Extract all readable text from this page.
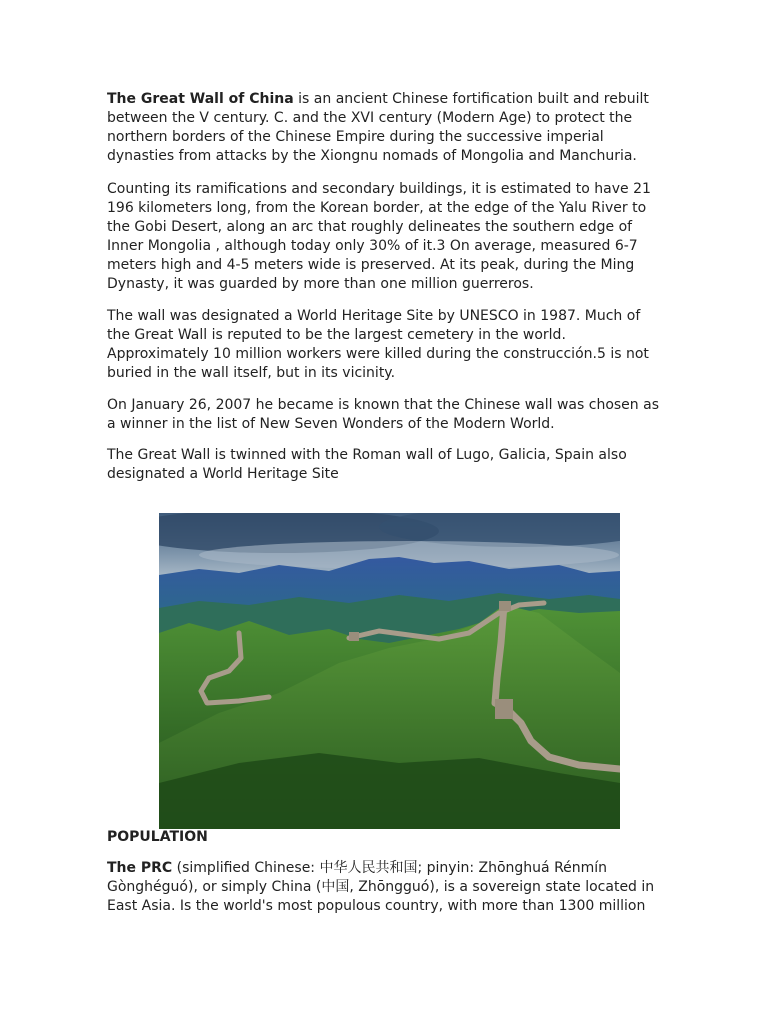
The Great Wall of China is an ancient Chinese fortification built and rebuilt between the V century. C. and the XVI century (Modern Age) to protect the northern borders of the Chinese Empire during the successive imperial dynasties from attacks by the Xiongnu nomads of Mongolia and Manchuria.

Counting its ramifications and secondary buildings, it is estimated to have 21 196 kilometers long, from the Korean border, at the edge of the Yalu River to the Gobi Desert, along an arc that roughly delineates the southern edge of Inner Mongolia , although today only 30% of it.3 On average, measured 6-7 meters high and 4-5 meters wide is preserved. At its peak, during the Ming Dynasty, it was guarded by more than one million guerreros.

The wall was designated a World Heritage Site by UNESCO in 1987. Much of the Great Wall is reputed to be the largest cemetery in the world. Approximately 10 million workers were killed during the construcción.5 is not buried in the wall itself, but in its vicinity.

On January 26, 2007 he became is known that the Chinese wall was chosen as a winner in the list of New Seven Wonders of the Modern World.

The Great Wall is twinned with the Roman wall of Lugo, Galicia, Spain also designated a World Heritage Site

POPULATION

The PRC (simplified Chinese: 中华人民共和国; pinyin: Zhōnghuá Rénmín Gònghéguó), or simply China (中国, Zhōngguó), is a sovereign state located in East Asia. Is the world's most populous country, with more than 1300 million
